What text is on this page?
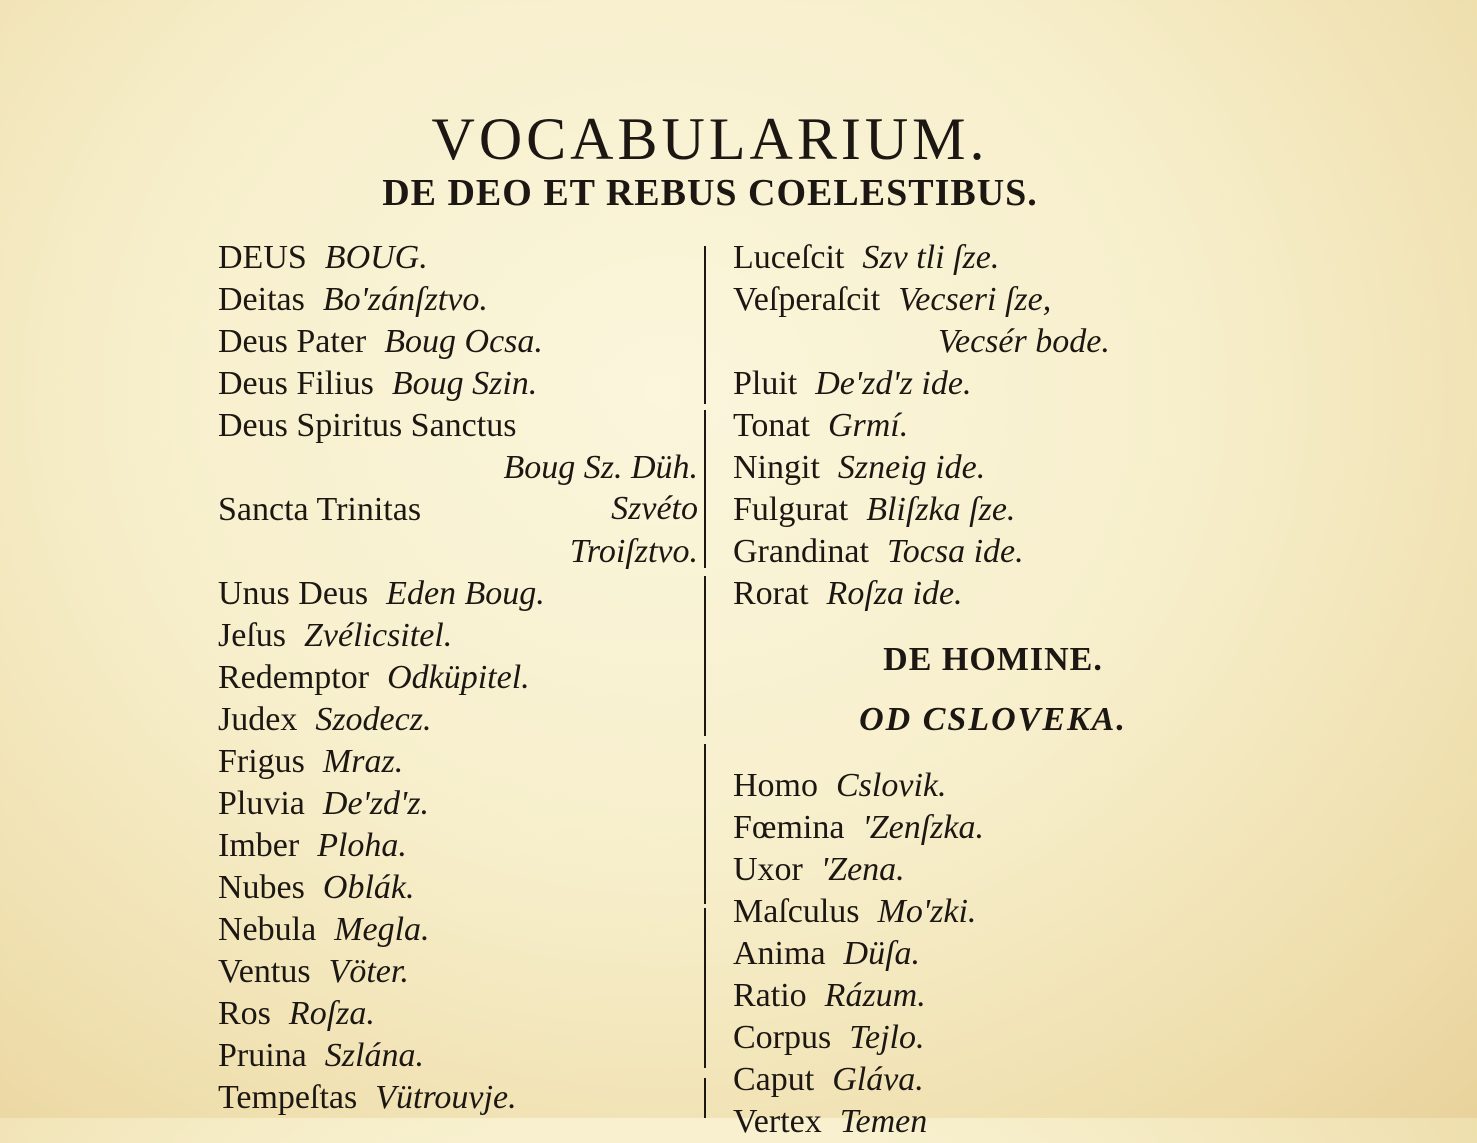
VOCABULARIUM.
DE DEO ET REBUS COELESTIBUS.
DEUS BOUG.
Deitas Bo'zánſztvo.
Deus Pater Boug Ocsa.
Deus Filius Boug Szin.
Deus Spiritus Sanctus
Boug Sz. Düh.
Sancta Trinitas	Szvéto
Troiſztvo.
Unus Deus Eden Boug.
Jeſus Zvélicsitel.
Redemptor Odküpitel.
Judex Szodecz.
Frigus Mraz.
Pluvia De'zd'z.
Imber Ploha.
Nubes Oblák.
Nebula Megla.
Ventus Vöter.
Ros Roſza.
Pruina Szlána.
Tempeſtas Vütrouvje.
Luceſcit Szv tli ſze.
Veſperaſcit Vecseri ſze,
Vecsér bode.
Pluit De'zd'z ide.
Tonat Grmí.
Ningit Szneig ide.
Fulgurat Bliſzka ſze.
Grandinat Tocsa ide.
Rorat Roſza ide.
DE HOMINE.
OD CSLOVEKA.
Homo Cslovik.
Fœmina 'Zenſzka.
Uxor 'Zena.
Maſculus Mo'zki.
Anima Düſa.
Ratio Rázum.
Corpus Tejlo.
Caput Gláva.
Vertex Temen
